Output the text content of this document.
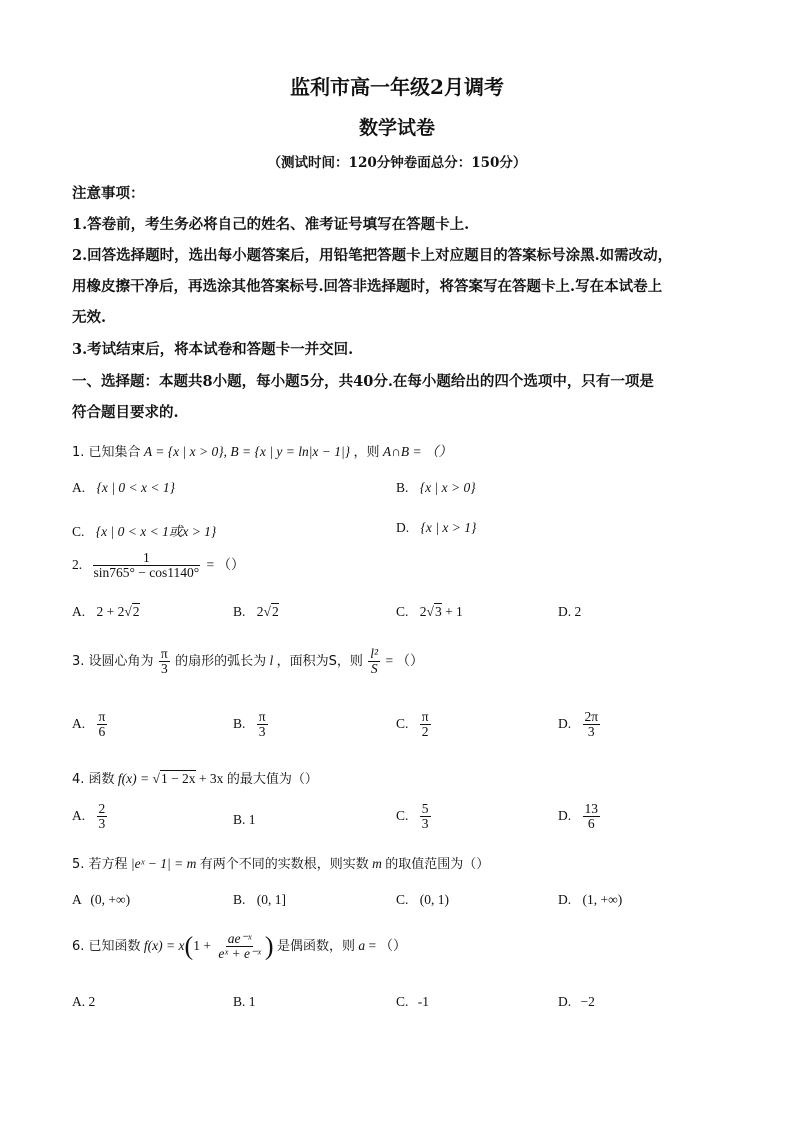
监利市高一年级2月调考
数学试卷
（测试时间：120分钟卷面总分：150分）
注意事项：
1.答卷前，考生务必将自己的姓名、准考证号填写在答题卡上.
2.回答选择题时，选出每小题答案后，用铅笔把答题卡上对应题目的答案标号涂黑.如需改动，
用橡皮擦干净后，再选涂其他答案标号.回答非选择题时，将答案写在答题卡上.写在本试卷上
无效.
3.考试结束后，将本试卷和答题卡一并交回.
一、选择题：本题共8小题，每小题5分，共40分.在每小题给出的四个选项中，只有一项是
符合题目要求的.
1. 已知集合 A = {x | x > 0}, B = {x | y = ln|x − 1|} ，则 A∩B = （）
A. {x | 0 < x < 1}	B. {x | x > 0}
C. {x | 0 < x < 1或x > 1}	D. {x | x > 1}
2. $\frac{1}{\sin 765^\circ - \cos 1140^\circ}$ = （）
A. 2 + 2√2	B. 2√2	C. 2√3 + 1	D. 2
3. 设圆心角为 $\frac{\pi}{3}$ 的扇形的弧长为 l ，面积为S，则 $\frac{\text{l²}}{S}$ = （）
A. $\frac{\pi}{6}$	B. $\frac{\pi}{3}$	C. $\frac{\pi}{2}$	D. $\frac{2\pi}{3}$
4. 函数 f(x) = √1 − 2x + 3x 的最大值为（）
A. $\frac{2}{3}$	B. 1	C. $\frac{5}{3}$	D. $\frac{13}{6}$
5. 若方程 |eˣ − 1| = m 有两个不同的实数根，则实数 m 的取值范围为（）
A (0, +∞)	B. (0, 1]	C. (0, 1)	D. (1, +∞)
6. 已知函数 $f(x) = x(1 + \frac{\text{ae⁻ˣ}}{\text{eˣ + e⁻ˣ}}$ ) 是偶函数，则 a = （）
A. 2	B. 1	C. -1	D. −2
